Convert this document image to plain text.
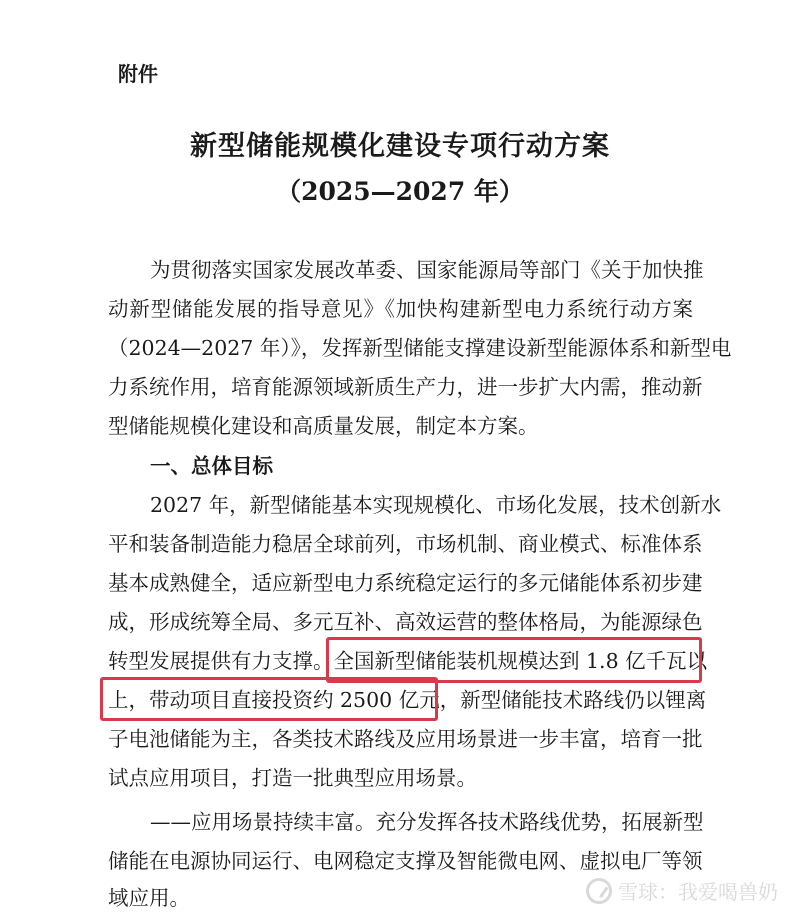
附件
新型储能规模化建设专项行动方案
（2025—2027 年）
为贯彻落实国家发展改革委、国家能源局等部门《关于加快推
动新型储能发展的指导意见》《加快构建新型电力系统行动方案
（2024—2027 年）》，发挥新型储能支撑建设新型能源体系和新型电
力系统作用，培育能源领域新质生产力，进一步扩大内需，推动新
型储能规模化建设和高质量发展，制定本方案。
一、总体目标
2027 年，新型储能基本实现规模化、市场化发展，技术创新水
平和装备制造能力稳居全球前列，市场机制、商业模式、标准体系
基本成熟健全，适应新型电力系统稳定运行的多元储能体系初步建
成，形成统筹全局、多元互补、高效运营的整体格局，为能源绿色
转型发展提供有力支撑。全国新型储能装机规模达到 1.8 亿千瓦以
上，带动项目直接投资约 2500 亿元，新型储能技术路线仍以锂离
子电池储能为主，各类技术路线及应用场景进一步丰富，培育一批
试点应用项目，打造一批典型应用场景。
——应用场景持续丰富。充分发挥各技术路线优势，拓展新型
储能在电源协同运行、电网稳定支撑及智能微电网、虚拟电厂等领
域应用。	雪球：我爱喝兽奶
